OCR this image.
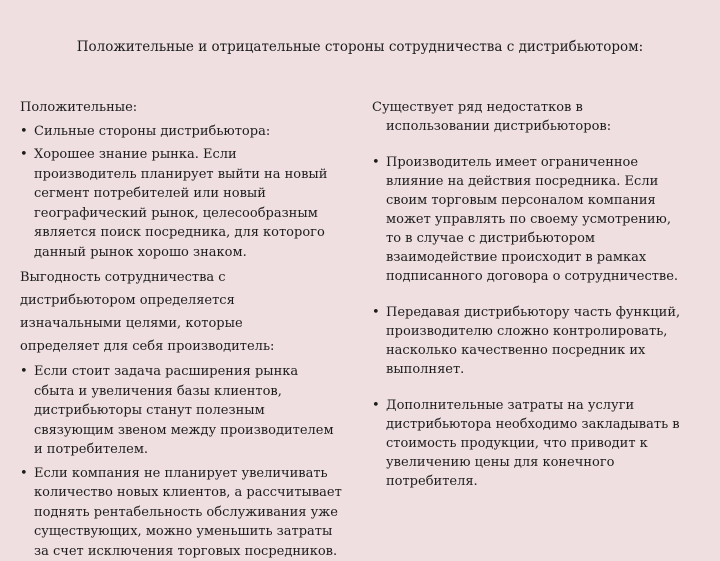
Положительные и отрицательные стороны сотрудничества с дистрибьютором:

Положительные:

• Сильные стороны дистрибьютора:

• Хорошее знание рынка. Если производитель планирует выйти на новый сегмент потребителей или новый географический рынок, целесообразным является поиск посредника, для которого данный рынок хорошо знаком.

Выгодность сотрудничества с

дистрибьютором определяется

изначальными целями, которые

определяет для себя производитель:

• Если стоит задача расширения рынка сбыта и увеличения базы клиентов, дистрибьюторы станут полезным связующим звеном между производителем и потребителем.

• Если компания не планирует увеличивать количество новых клиентов, а рассчитывает поднять рентабельность обслуживания уже существующих, можно уменьшить затраты за счет исключения торговых посредников.

Существует ряд недостатков в использовании дистрибьюторов:

• Производитель имеет ограниченное влияние на действия посредника. Если своим торговым персоналом компания может управлять по своему усмотрению, то в случае с дистрибьютором взаимодействие происходит в рамках подписанного договора о сотрудничестве.

• Передавая дистрибьютору часть функций, производителю сложно контролировать, насколько качественно посредник их выполняет.

• Дополнительные затраты на услуги дистрибьютора необходимо закладывать в стоимость продукции, что приводит к увеличению цены для конечного потребителя.
